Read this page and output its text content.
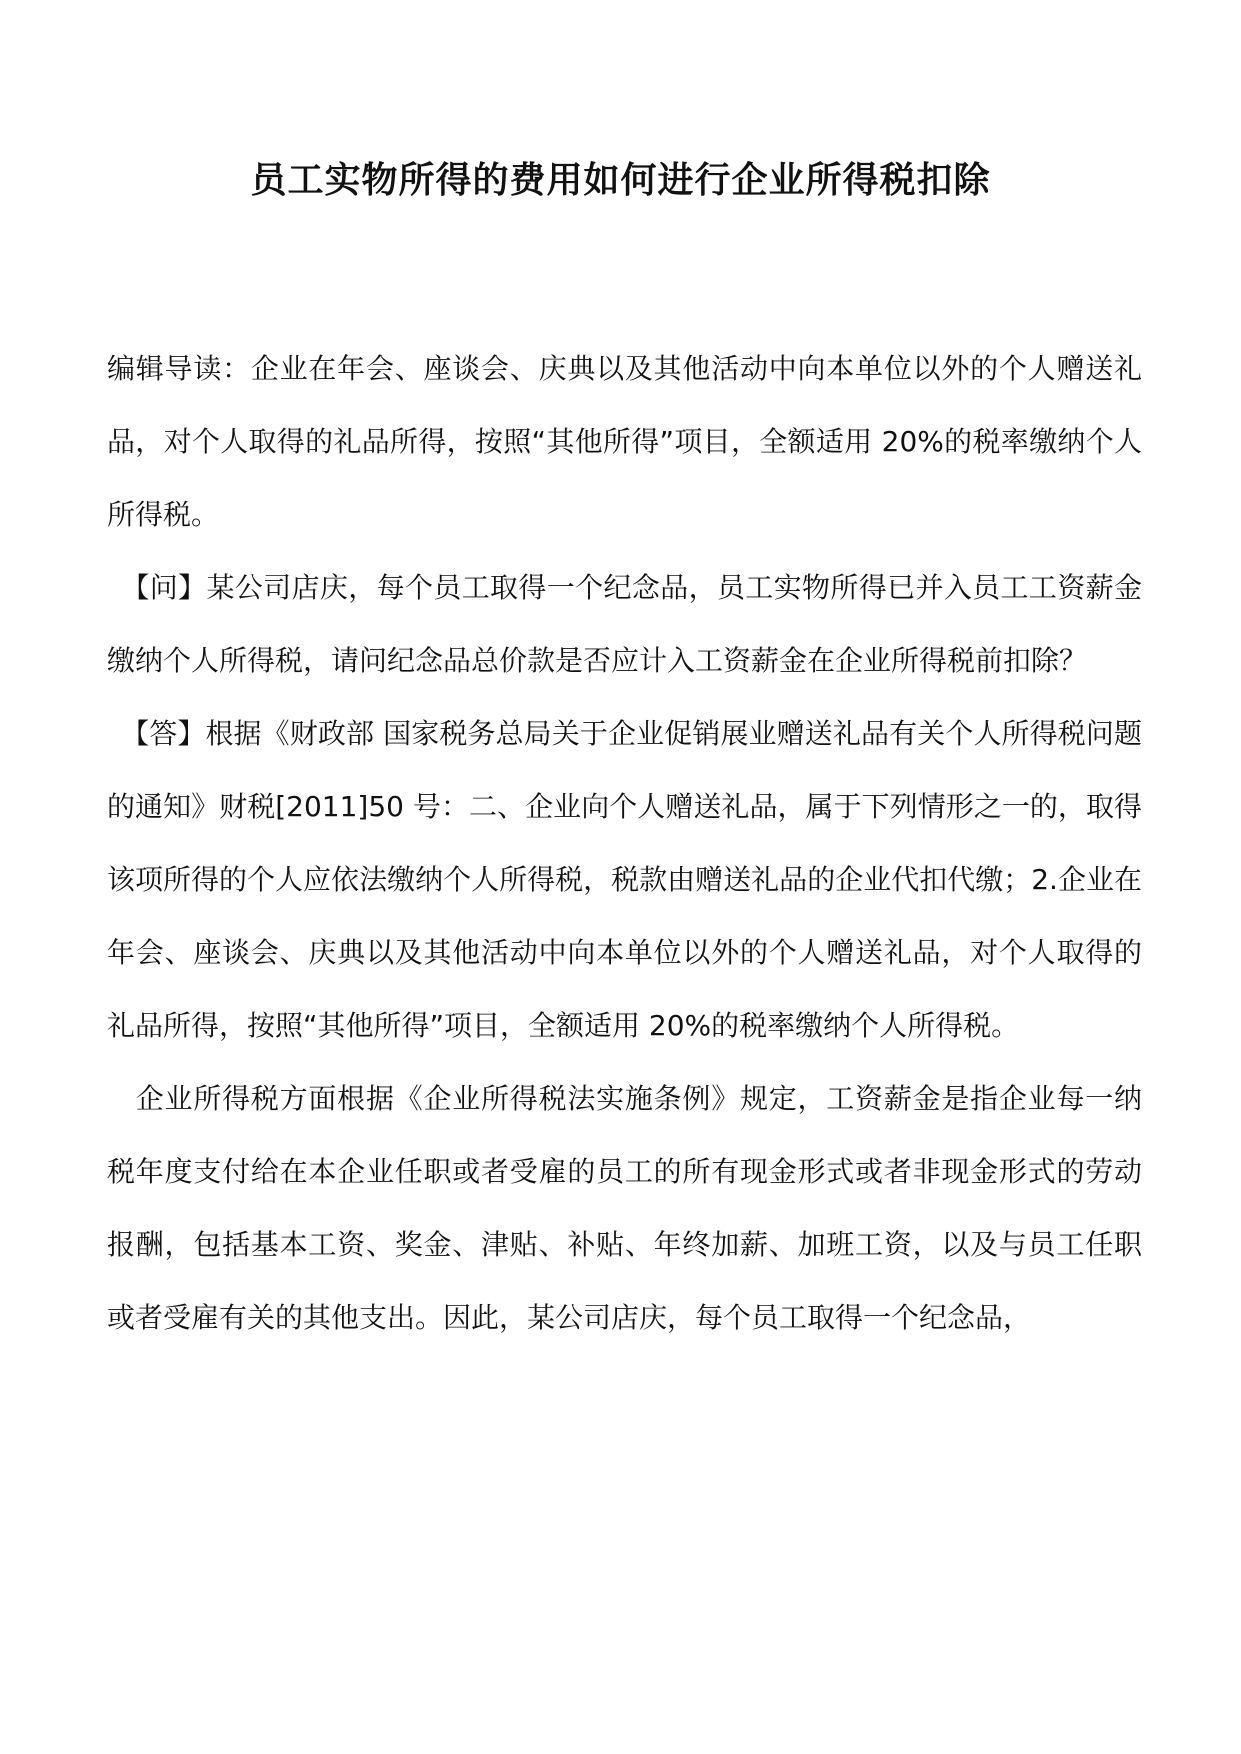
员工实物所得的费用如何进行企业所得税扣除

编辑导读：企业在年会、座谈会、庆典以及其他活动中向本单位以外的个人赠送礼品，对个人取得的礼品所得，按照“其他所得”项目，全额适用 20%的税率缴纳个人所得税。

　【问】某公司店庆，每个员工取得一个纪念品，员工实物所得已并入员工工资薪金缴纳个人所得税，请问纪念品总价款是否应计入工资薪金在企业所得税前扣除？

　【答】根据《财政部 国家税务总局关于企业促销展业赠送礼品有关个人所得税问题的通知》财税[2011]50 号：二、企业向个人赠送礼品，属于下列情形之一的，取得该项所得的个人应依法缴纳个人所得税，税款由赠送礼品的企业代扣代缴；2.企业在年会、座谈会、庆典以及其他活动中向本单位以外的个人赠送礼品，对个人取得的礼品所得，按照“其他所得”项目，全额适用 20%的税率缴纳个人所得税。

　企业所得税方面根据《企业所得税法实施条例》规定，工资薪金是指企业每一纳税年度支付给在本企业任职或者受雇的员工的所有现金形式或者非现金形式的劳动报酬，包括基本工资、奖金、津贴、补贴、年终加薪、加班工资，以及与员工任职或者受雇有关的其他支出。因此，某公司店庆，每个员工取得一个纪念品，
